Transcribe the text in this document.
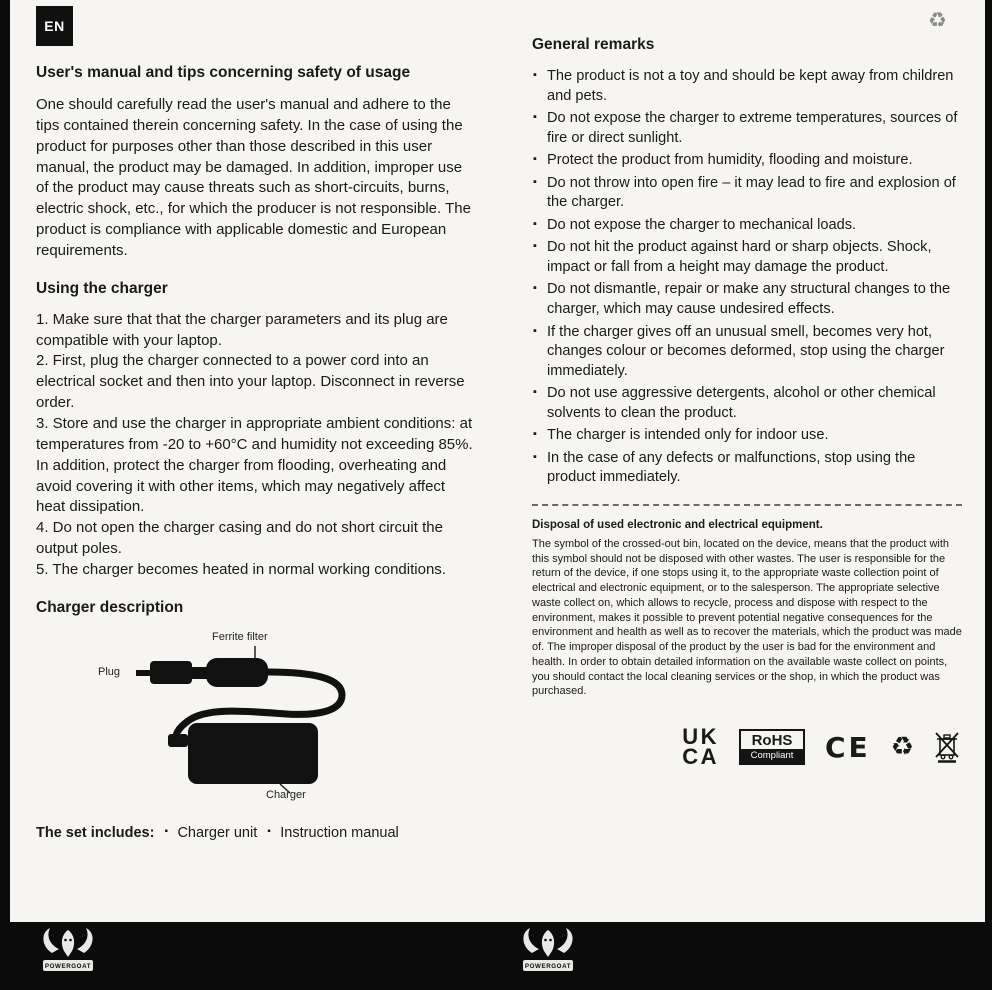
EN	♻
User's manual and tips concerning safety of usage

One should carefully read the user's manual and adhere to the tips contained therein concerning safety. In the case of using the product for purposes other than those described in this user manual, the product may be damaged. In addition, improper use of the product may cause threats such as short-circuits, burns, electric shock, etc., for which the producer is not responsible. The product is compliance with applicable domestic and European requirements.

Using the charger

1. Make sure that that the charger parameters and its plug are compatible with your laptop.

2. First, plug the charger connected to a power cord into an electrical socket and then into your laptop. Disconnect in reverse order.

3. Store and use the charger in appropriate ambient conditions: at temperatures from -20 to +60°C and humidity not exceeding 85%. In addition, protect the charger from flooding, overheating and avoid covering it with other items, which may negatively affect heat dissipation.

4. Do not open the charger casing and do not short circuit the output poles.

5. The charger becomes heated in normal working conditions.

Charger description
Ferrite filter
Plug
Charger
The set includes:	▪ Charger unit	▪ Instruction manual
General remarks
▪ The product is not a toy and should be kept away from children and pets.
▪ Do not expose the charger to extreme temperatures, sources of fire or direct sunlight.
▪ Protect the product from humidity, flooding and moisture.
▪ Do not throw into open fire – it may lead to fire and explosion of the charger.
▪ Do not expose the charger to mechanical loads.
▪ Do not hit the product against hard or sharp objects. Shock, impact or fall from a height may damage the product.
▪ Do not dismantle, repair or make any structural changes to the charger, which may cause undesired effects.
▪ If the charger gives off an unusual smell, becomes very hot, changes colour or becomes deformed, stop using the charger immediately.
▪ Do not use aggressive detergents, alcohol or other chemical solvents to clean the product.
▪ The charger is intended only for indoor use.
▪ In the case of any defects or malfunctions, stop using the product immediately.
Disposal of used electronic and electrical equipment.
The symbol of the crossed-out bin, located on the device, means that the product with this symbol should not be disposed with other wastes. The user is responsible for the return of the device, if one stops using it, to the appropriate waste collection point of electrical and electronic equipment, or to the salesperson. The appropriate selective waste collect on, which allows to recycle, process and dispose with respect to the environment, makes it possible to prevent potential negative consequences for the environment and health as well as to recover the materials, which the product was made of. The improper disposal of the product by the user is bad for the environment and health. In order to obtain detailed information on the available waste collect on points, you should contact the local cleaning services or the shop, in which the product was purchased.
UK
CA
RoHS
Compliant	CE ♻
POWERGOAT	POWERGOAT
